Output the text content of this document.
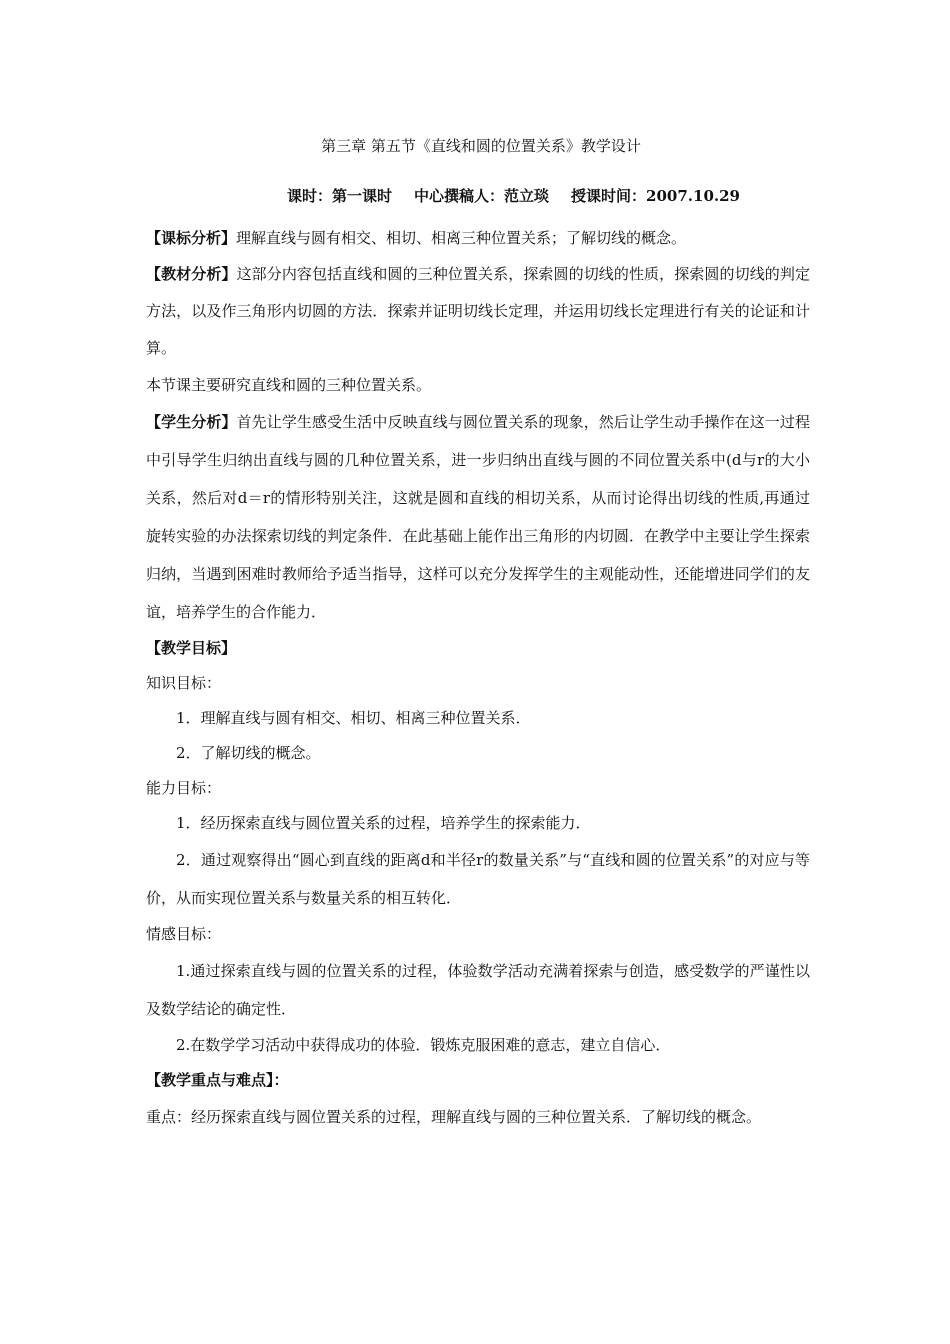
第三章 第五节《直线和圆的位置关系》教学设计

课时：第一课时 中心撰稿人：范立琰 授课时间：2007.10.29

【课标分析】理解直线与圆有相交、相切、相离三种位置关系；了解切线的概念。

【教材分析】这部分内容包括直线和圆的三种位置关系，探索圆的切线的性质，探索圆的切线的判定方法，以及作三角形内切圆的方法．探索并证明切线长定理，并运用切线长定理进行有关的论证和计算。

本节课主要研究直线和圆的三种位置关系。

【学生分析】首先让学生感受生活中反映直线与圆位置关系的现象，然后让学生动手操作在这一过程中引导学生归纳出直线与圆的几种位置关系，进一步归纳出直线与圆的不同位置关系中(d与r的大小关系，然后对d＝r的情形特别关注，这就是圆和直线的相切关系，从而讨论得出切线的性质,再通过旋转实验的办法探索切线的判定条件．在此基础上能作出三角形的内切圆．在教学中主要让学生探索归纳，当遇到困难时教师给予适当指导，这样可以充分发挥学生的主观能动性，还能增进同学们的友谊，培养学生的合作能力．

【教学目标】

知识目标：

1．理解直线与圆有相交、相切、相离三种位置关系．

2．了解切线的概念。

能力目标：

1．经历探索直线与圆位置关系的过程，培养学生的探索能力．

2．通过观察得出“圆心到直线的距离d和半径r的数量关系”与“直线和圆的位置关系”的对应与等价，从而实现位置关系与数量关系的相互转化．

情感目标：

1.通过探索直线与圆的位置关系的过程，体验数学活动充满着探索与创造，感受数学的严谨性以及数学结论的确定性．

2.在数学学习活动中获得成功的体验．锻炼克服困难的意志，建立自信心．

【教学重点与难点】：

重点：经历探索直线与圆位置关系的过程，理解直线与圆的三种位置关系．了解切线的概念。
